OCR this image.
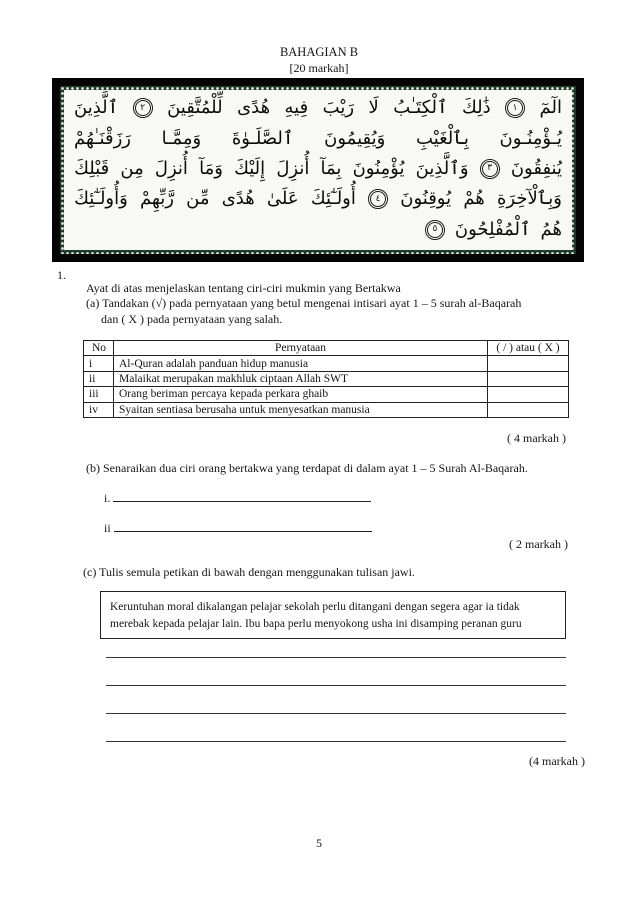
BAHAGIAN B
[20 markah]
الٓمٓ
١
ذَٰلِكَ
ٱلْكِتَـٰبُ
لَا
رَيْبَ
فِيهِ
هُدًى
لِّلْمُتَّقِينَ
٢
ٱلَّذِينَ
يُـؤْمِنُـونَ
بِٱلْغَيْبِ
وَيُقِيمُونَ
ٱلصَّلَـوٰةَ
وَمِمَّـا
رَزَقْنَـٰهُمْ
يُنفِقُونَ
٣
وَٱلَّذِينَ
يُؤْمِنُونَ
بِمَآ
أُنزِلَ
إِلَيْكَ
وَمَآ
أُنزِلَ
مِن
قَبْلِكَ
وَبِٱلْآخِرَةِ
هُمْ
يُوقِنُونَ
٤
أُولَـٰٓئِكَ
عَلَىٰ
هُدًى
مِّن
رَّبِّهِمْ
وَأُولَـٰٓئِكَ
هُمُ
ٱلْمُفْلِحُونَ
٥
1.
Ayat di atas menjelaskan tentang ciri-ciri mukmin yang Bertakwa
(a) Tandakan (√) pada pernyataan yang betul mengenai intisari ayat 1 – 5 surah al-Baqarah
dan ( X ) pada pernyataan yang salah.
No	Pernyataan	( / ) atau ( X )
i	Al-Quran adalah panduan hidup manusia	
ii	Malaikat merupakan makhluk ciptaan Allah SWT	
iii	Orang beriman percaya kepada perkara ghaib	
iv	Syaitan sentiasa berusaha untuk menyesatkan manusia	
( 4 markah )
(b) Senaraikan dua ciri orang bertakwa yang terdapat di dalam ayat 1 – 5 Surah Al-Baqarah.
i.
ii
( 2 markah )
(c) Tulis semula petikan di bawah dengan menggunakan tulisan jawi.
Keruntuhan moral dikalangan pelajar sekolah perlu ditangani dengan segera agar ia tidak
merebak kepada pelajar lain. Ibu bapa perlu menyokong usha ini disamping peranan guru
(4 markah )
5
